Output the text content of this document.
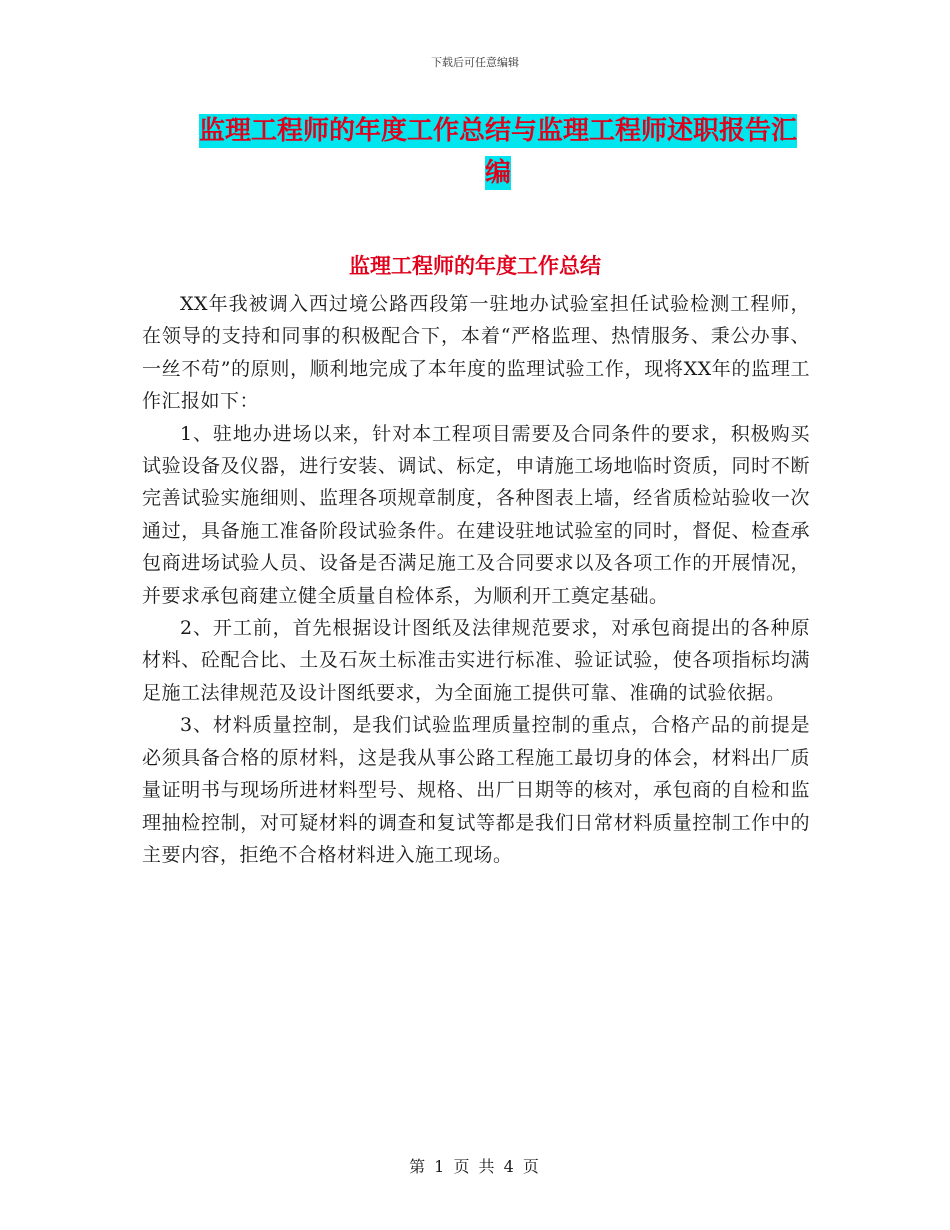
下载后可任意编辑
监理工程师的年度工作总结与监理工程师述职报告汇编
监理工程师的年度工作总结

XX年我被调入西过境公路西段第一驻地办试验室担任试验检测工程师，在领导的支持和同事的积极配合下，本着“严格监理、热情服务、秉公办事、一丝不苟”的原则，顺利地完成了本年度的监理试验工作，现将XX年的监理工作汇报如下：

1、驻地办进场以来，针对本工程项目需要及合同条件的要求，积极购买试验设备及仪器，进行安装、调试、标定，申请施工场地临时资质，同时不断完善试验实施细则、监理各项规章制度，各种图表上墙，经省质检站验收一次通过，具备施工准备阶段试验条件。在建设驻地试验室的同时，督促、检查承包商进场试验人员、设备是否满足施工及合同要求以及各项工作的开展情况，并要求承包商建立健全质量自检体系，为顺利开工奠定基础。

2、开工前，首先根据设计图纸及法律规范要求，对承包商提出的各种原材料、砼配合比、土及石灰土标准击实进行标准、验证试验，使各项指标均满足施工法律规范及设计图纸要求，为全面施工提供可靠、准确的试验依据。

3、材料质量控制，是我们试验监理质量控制的重点，合格产品的前提是必须具备合格的原材料，这是我从事公路工程施工最切身的体会，材料出厂质量证明书与现场所进材料型号、规格、出厂日期等的核对，承包商的自检和监理抽检控制，对可疑材料的调查和复试等都是我们日常材料质量控制工作中的主要内容，拒绝不合格材料进入施工现场。

第 1 页 共 4 页
